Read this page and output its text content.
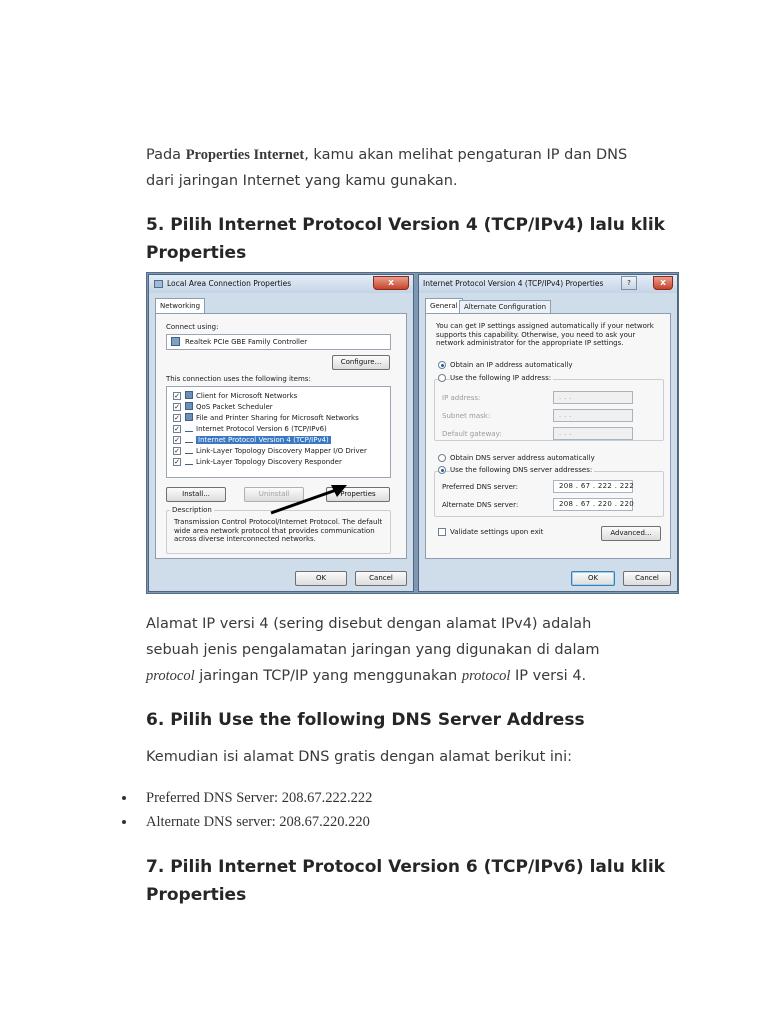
Pada Properties Internet, kamu akan melihat pengaturan IP dan DNS dari jaringan Internet yang kamu gunakan.

5. Pilih Internet Protocol Version 4 (TCP/IPv4) lalu klik Properties
Local Area Connection Properties	x
Networking
Connect using:
Realtek PCIe GBE Family Controller
Configure...
This connection uses the following items:
✓ Client for Microsoft Networks
✓ QoS Packet Scheduler
✓ File and Printer Sharing for Microsoft Networks
✓ Internet Protocol Version 6 (TCP/IPv6)
✓	Internet Protocol Version 4 (TCP/IPv4)
✓ Link-Layer Topology Discovery Mapper I/O Driver
✓ Link-Layer Topology Discovery Responder
Install...	Uninstall	Properties
Description
Transmission Control Protocol/Internet Protocol. The default wide area network protocol that provides communication across diverse interconnected networks.
OK	Cancel
Internet Protocol Version 4 (TCP/IPv4) Properties	?	x
General Alternate Configuration
You can get IP settings assigned automatically if your network supports this capability. Otherwise, you need to ask your network administrator for the appropriate IP settings.
Obtain an IP address automatically
Use the following IP address:
IP address:	. . .
Subnet mask:	. . .
Default gateway:	. . .
Obtain DNS server address automatically
Use the following DNS server addresses:
Preferred DNS server:	208 . 67 . 222 . 222
Alternate DNS server:	208 . 67 . 220 . 220
Validate settings upon exit	Advanced...
OK	Cancel

Alamat IP versi 4 (sering disebut dengan alamat IPv4) adalah sebuah jenis pengalamatan jaringan yang digunakan di dalam protocol jaringan TCP/IP yang menggunakan protocol IP versi 4.

6. Pilih Use the following DNS Server Address

Kemudian isi alamat DNS gratis dengan alamat berikut ini:

Preferred DNS Server: 208.67.222.222
Alternate DNS server: 208.67.220.220
7. Pilih Internet Protocol Version 6 (TCP/IPv6) lalu klik Properties
